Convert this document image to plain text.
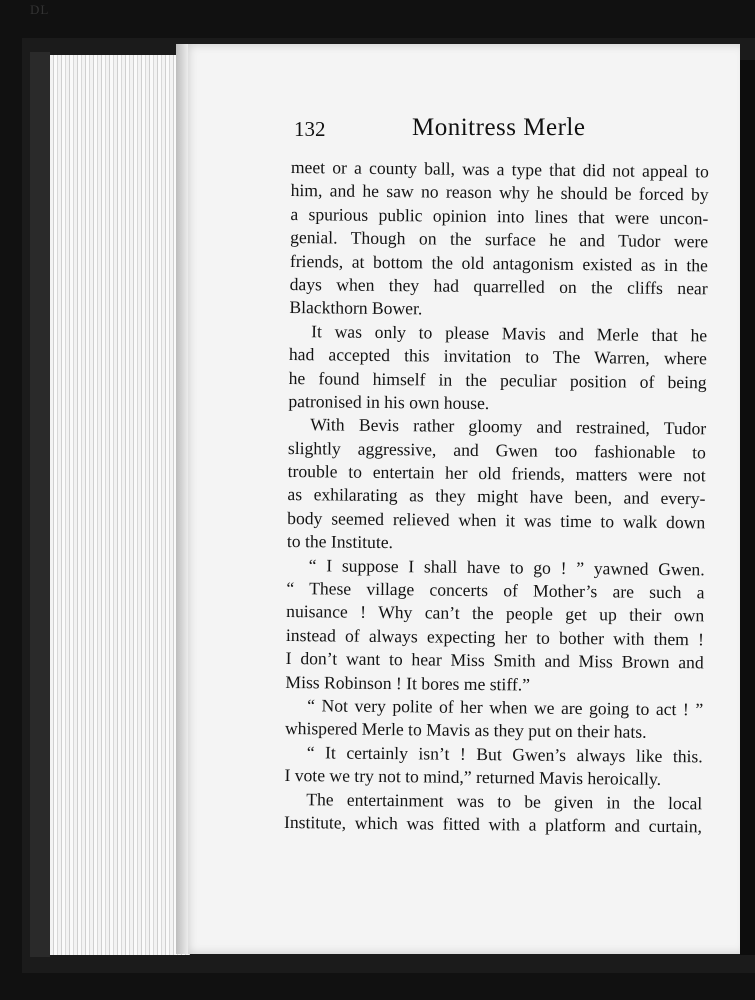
DL
132	Monitress Merle
meet or a county ball, was a type that did not appeal to
him, and he saw no reason why he should be forced by
a spurious public opinion into lines that were uncon-
genial. Though on the surface he and Tudor were
friends, at bottom the old antagonism existed as in the
days when they had quarrelled on the cliffs near
Blackthorn Bower.
It was only to please Mavis and Merle that he
had accepted this invitation to The Warren, where
he found himself in the peculiar position of being
patronised in his own house.
With Bevis rather gloomy and restrained, Tudor
slightly aggressive, and Gwen too fashionable to
trouble to entertain her old friends, matters were not
as exhilarating as they might have been, and every-
body seemed relieved when it was time to walk down
to the Institute.
“ I suppose I shall have to go ! ” yawned Gwen.
“ These village concerts of Mother’s are such a
nuisance ! Why can’t the people get up their own
instead of always expecting her to bother with them !
I don’t want to hear Miss Smith and Miss Brown and
Miss Robinson ! It bores me stiff.”
“ Not very polite of her when we are going to act ! ”
whispered Merle to Mavis as they put on their hats.
“ It certainly isn’t ! But Gwen’s always like this.
I vote we try not to mind,” returned Mavis heroically.
The entertainment was to be given in the local
Institute, which was fitted with a platform and curtain,
